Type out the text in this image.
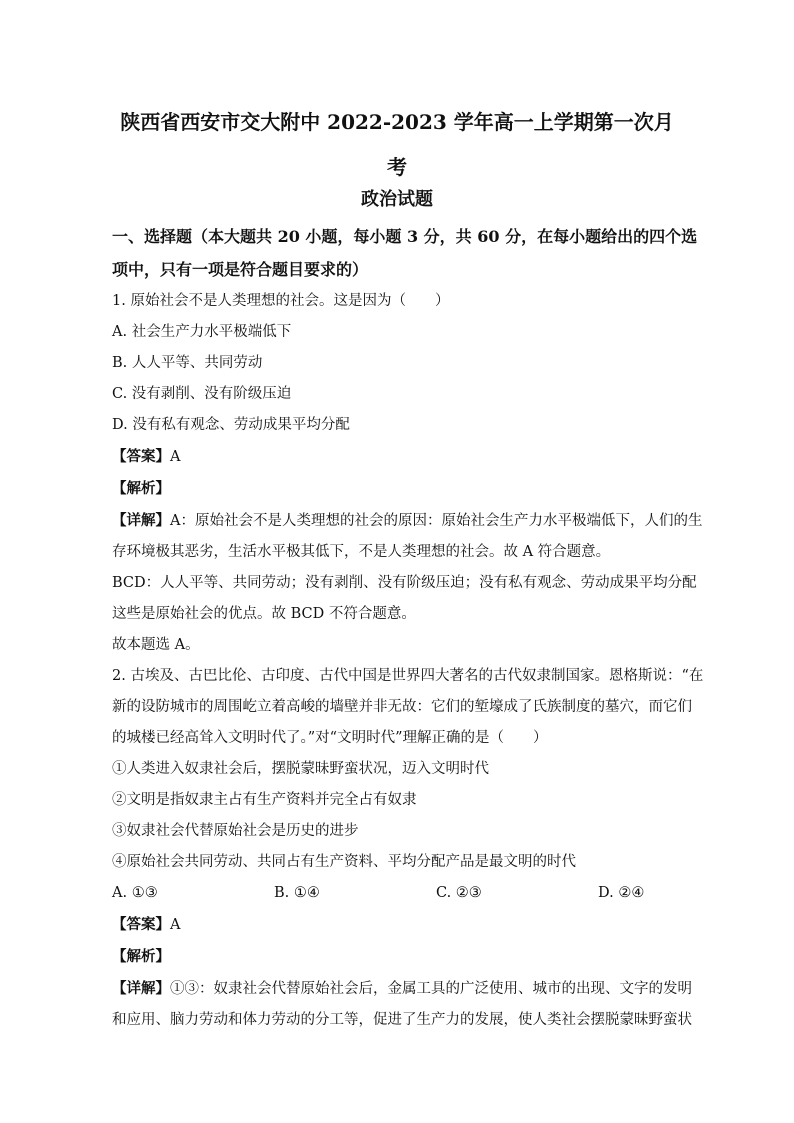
陕西省西安市交大附中 2022-2023 学年高一上学期第一次月考
政治试题

一、选择题（本大题共 20 小题，每小题 3 分，共 60 分，在每小题给出的四个选

项中，只有一项是符合题目要求的）

1. 原始社会不是人类理想的社会。这是因为（　　）

A. 社会生产力水平极端低下

B. 人人平等、共同劳动

C. 没有剥削、没有阶级压迫

D. 没有私有观念、劳动成果平均分配

【答案】A

【解析】

【详解】A：原始社会不是人类理想的社会的原因：原始社会生产力水平极端低下，人们的生

存环境极其恶劣，生活水平极其低下，不是人类理想的社会。故 A 符合题意。

BCD：人人平等、共同劳动；没有剥削、没有阶级压迫；没有私有观念、劳动成果平均分配

这些是原始社会的优点。故 BCD 不符合题意。

故本题选 A。

2. 古埃及、古巴比伦、古印度、古代中国是世界四大著名的古代奴隶制国家。恩格斯说：“在

新的设防城市的周围屹立着高峻的墙壁并非无故：它们的堑壕成了氏族制度的墓穴，而它们

的城楼已经高耸入文明时代了。”对“文明时代”理解正确的是（　　）

①人类进入奴隶社会后，摆脱蒙昧野蛮状况，迈入文明时代

②文明是指奴隶主占有生产资料并完全占有奴隶

③奴隶社会代替原始社会是历史的进步

④原始社会共同劳动、共同占有生产资料、平均分配产品是最文明的时代

A. ①③	B. ①④	C. ②③	D. ②④

【答案】A

【解析】

【详解】①③：奴隶社会代替原始社会后，金属工具的广泛使用、城市的出现、文字的发明

和应用、脑力劳动和体力劳动的分工等，促进了生产力的发展，使人类社会摆脱蒙昧野蛮状
